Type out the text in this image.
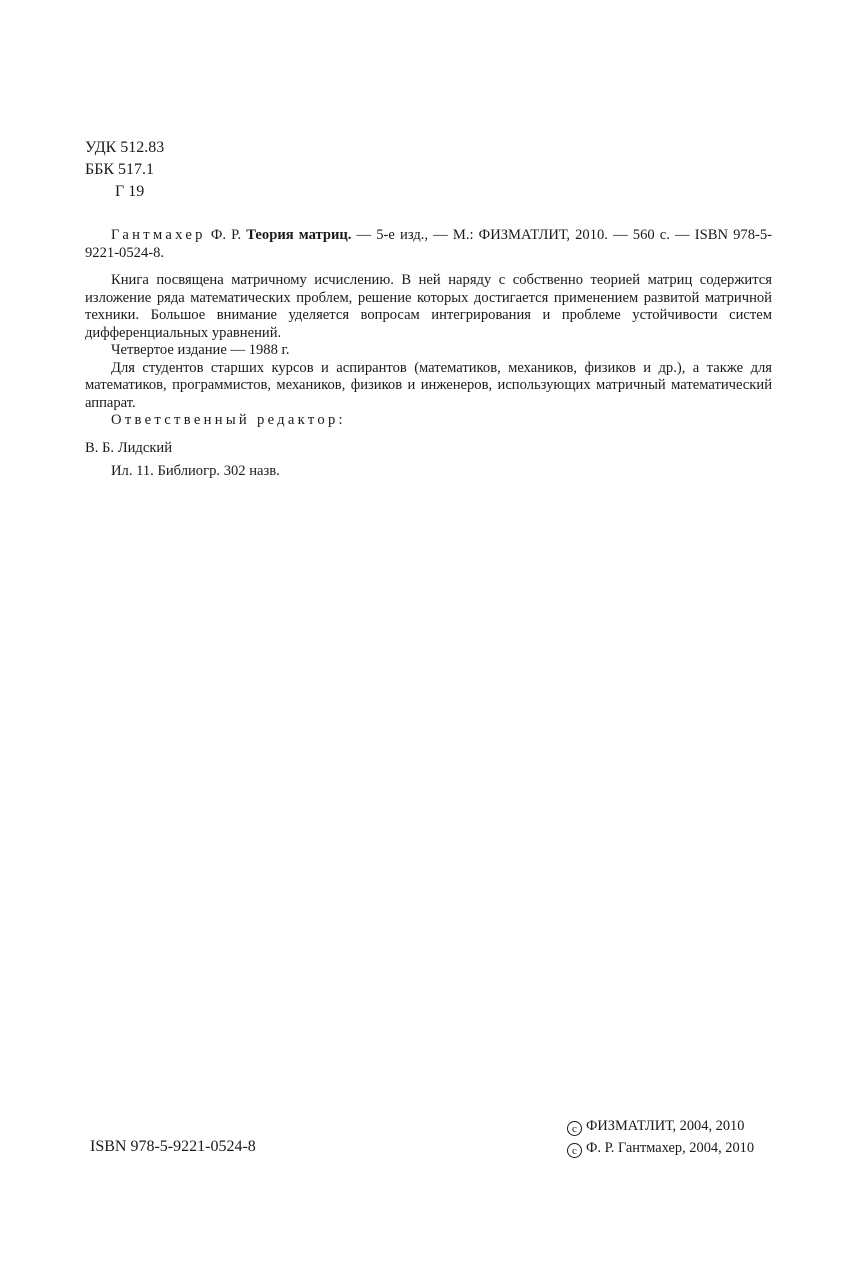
УДК 512.83
ББК 517.1
Г 19

Гантмахер Ф. Р. Теория матриц. — 5-е изд., — М.: ФИЗМАТЛИТ, 2010. — 560 с. — ISBN 978-5-9221-0524-8.

Книга посвящена матричному исчислению. В ней наряду с собственно теорией матриц содержится изложение ряда математических проблем, решение которых достигается применением развитой матричной техники. Большое внимание уделяется вопросам интегрирования и проблеме устойчивости систем дифференциальных уравнений.

Четвертое издание — 1988 г.

Для студентов старших курсов и аспирантов (математиков, механиков, физиков и др.), а также для математиков, программистов, механиков, физиков и инженеров, использующих матричный математический аппарат.

Ответственный редактор:

В. Б. Лидский

Ил. 11. Библиогр. 302 назв.

ISBN 978-5-9221-0524-8
c ФИЗМАТЛИТ, 2004, 2010
c Ф. Р. Гантмахер, 2004, 2010
